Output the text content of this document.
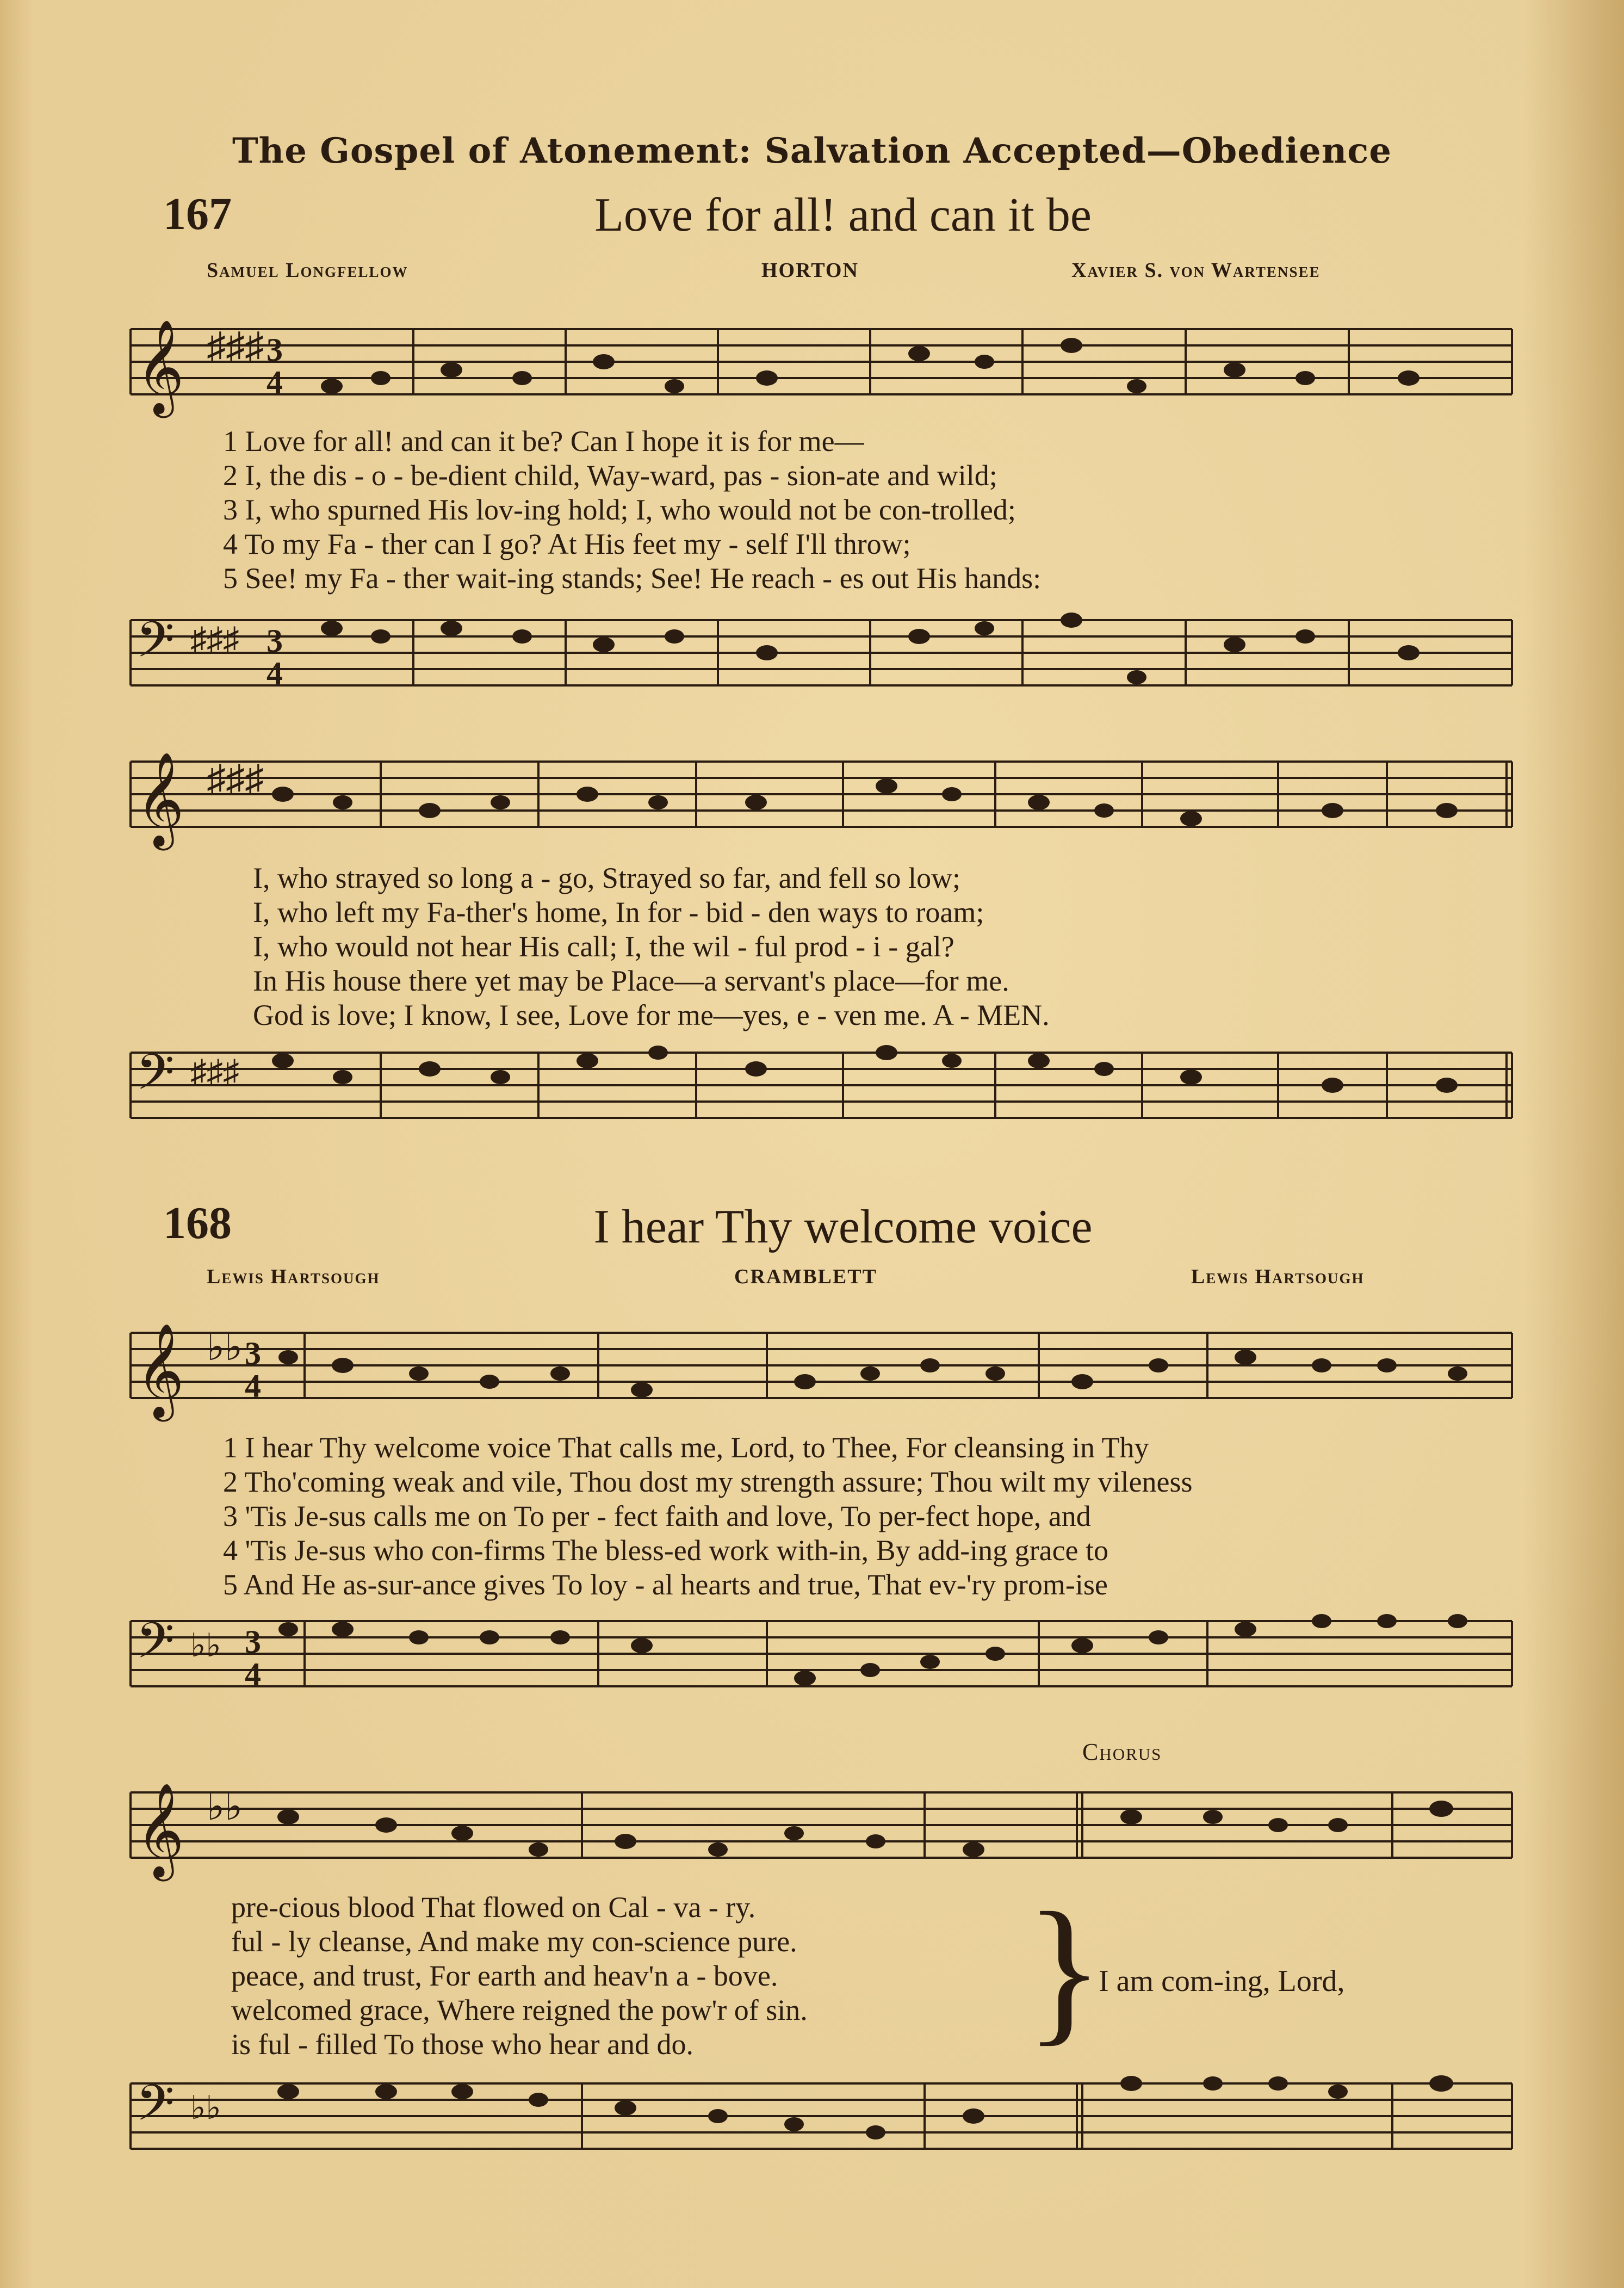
The Gospel of Atonement: Salvation Accepted—Obedience
167	Love for all! and can it be
Samuel Longfellow	HORTON	Xavier S. von Wartensee
𝄞 ♯♯♯ 3
4
1 Love for all! and can it be? Can I hope it is for me—
2 I, the dis - o - be-dient child, Way-ward, pas - sion-ate and wild;
3 I, who spurned His lov-ing hold; I, who would not be con-trolled;
4 To my Fa - ther can I go? At His feet my - self I'll throw;
5 See! my Fa - ther wait-ing stands; See! He reach - es out His hands:
𝄢 ♯♯♯ 3
4
𝄞 ♯♯♯
I, who strayed so long a - go, Strayed so far, and fell so low;
I, who left my Fa-ther's home, In for - bid - den ways to roam;
I, who would not hear His call; I, the wil - ful prod - i - gal?
In His house there yet may be Place—a servant's place—for me.
God is love; I know, I see, Love for me—yes, e - ven me. A - MEN.
𝄢 ♯♯♯
168	I hear Thy welcome voice
Lewis Hartsough	CRAMBLETT	Lewis Hartsough
𝄞 ♭♭ 3
4
1 I hear Thy welcome voice That calls me, Lord, to Thee, For cleansing in Thy
2 Tho'coming weak and vile, Thou dost my strength assure; Thou wilt my vileness
3 'Tis Je-sus calls me on To per - fect faith and love, To per-fect hope, and
4 'Tis Je-sus who con-firms The bless-ed work with-in, By add-ing grace to
5 And He as-sur-ance gives To loy - al hearts and true, That ev-'ry prom-ise
𝄢 ♭♭ 3
4
Chorus
𝄞 ♭♭
pre-cious blood That flowed on Cal - va - ry.
ful - ly cleanse, And make my con-science pure.
peace, and trust, For earth and heav'n a - bove.
welcomed grace, Where reigned the pow'r of sin.
is ful - filled To those who hear and do.	}
I am com-ing, Lord,
𝄢 ♭♭
